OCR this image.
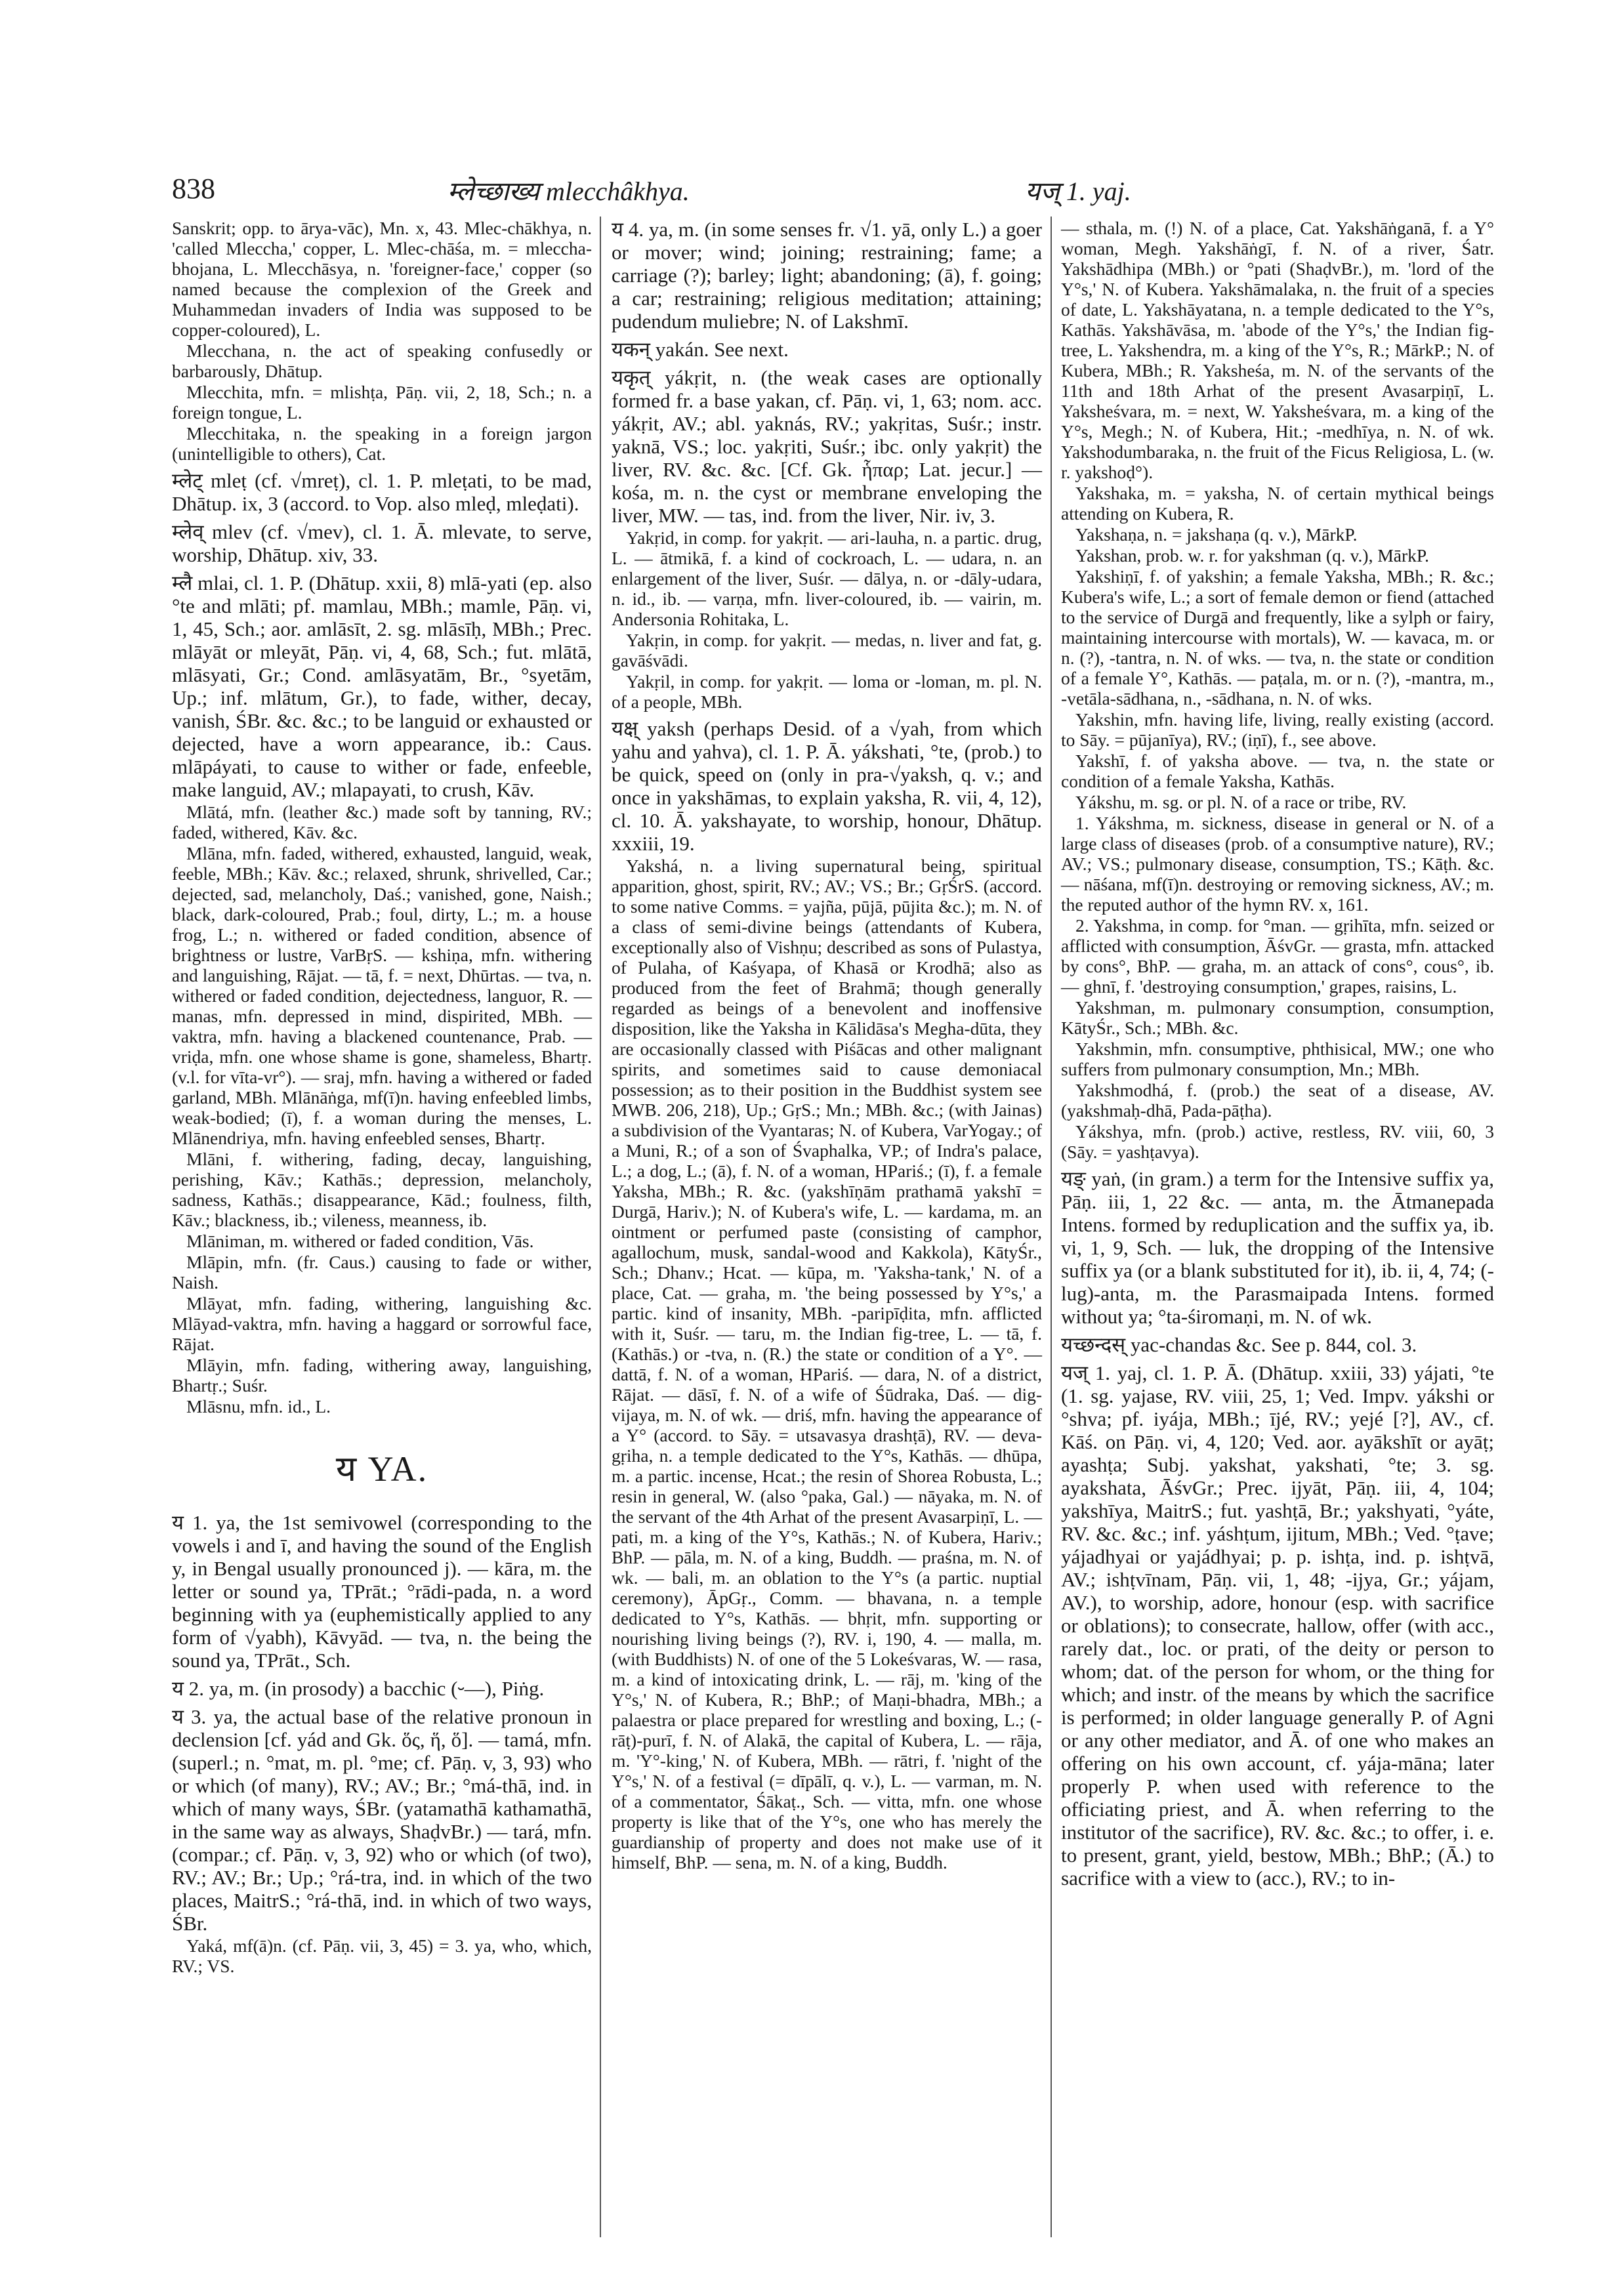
838	म्लेच्छाख्य mlecchâkhya.	यज् 1. yaj.

Sanskrit; opp. to ārya-vāc), Mn. x, 43. Mlec-chākhya, n. 'called Mleccha,' copper, L. Mlec-chāśa, m. = mleccha-bhojana, L. Mlecchāsya, n. 'foreigner-face,' copper (so named because the complexion of the Greek and Muhammedan invaders of India was supposed to be copper-coloured), L.

Mlecchana, n. the act of speaking confusedly or barbarously, Dhātup.

Mlecchita, mfn. = mlishṭa, Pāṇ. vii, 2, 18, Sch.; n. a foreign tongue, L.

Mlecchitaka, n. the speaking in a foreign jargon (unintelligible to others), Cat.

म्लेट् mleṭ (cf. √mreṭ), cl. 1. P. mleṭati, to be mad, Dhātup. ix, 3 (accord. to Vop. also mleḍ, mleḍati).

म्लेव् mlev (cf. √mev), cl. 1. Ā. mlevate, to serve, worship, Dhātup. xiv, 33.

म्लै mlai, cl. 1. P. (Dhātup. xxii, 8) mlā-yati (ep. also °te and mlāti; pf. mamlau, MBh.; mamle, Pāṇ. vi, 1, 45, Sch.; aor. amlāsīt, 2. sg. mlāsīḥ, MBh.; Prec. mlāyāt or mleyāt, Pāṇ. vi, 4, 68, Sch.; fut. mlātā, mlāsyati, Gr.; Cond. amlāsyatām, Br., °syetām, Up.; inf. mlātum, Gr.), to fade, wither, decay, vanish, ŚBr. &c. &c.; to be languid or exhausted or dejected, have a worn appearance, ib.: Caus. mlāpáyati, to cause to wither or fade, enfeeble, make languid, AV.; mlapayati, to crush, Kāv.

Mlātá, mfn. (leather &c.) made soft by tanning, RV.; faded, withered, Kāv. &c.

Mlāna, mfn. faded, withered, exhausted, languid, weak, feeble, MBh.; Kāv. &c.; relaxed, shrunk, shrivelled, Car.; dejected, sad, melancholy, Daś.; vanished, gone, Naish.; black, dark-coloured, Prab.; foul, dirty, L.; m. a house frog, L.; n. withered or faded condition, absence of brightness or lustre, VarBṛS. — kshiṇa, mfn. withering and languishing, Rājat. — tā, f. = next, Dhūrtas. — tva, n. withered or faded condition, dejectedness, languor, R. — manas, mfn. depressed in mind, dispirited, MBh. — vaktra, mfn. having a blackened countenance, Prab. — vriḍa, mfn. one whose shame is gone, shameless, Bhartṛ. (v.l. for vīta-vr°). — sraj, mfn. having a withered or faded garland, MBh. Mlānāṅga, mf(ī)n. having enfeebled limbs, weak-bodied; (ī), f. a woman during the menses, L. Mlānendriya, mfn. having enfeebled senses, Bhartṛ.

Mlāni, f. withering, fading, decay, languishing, perishing, Kāv.; Kathās.; depression, melancholy, sadness, Kathās.; disappearance, Kād.; foulness, filth, Kāv.; blackness, ib.; vileness, meanness, ib.

Mlāniman, m. withered or faded condition, Vās.

Mlāpin, mfn. (fr. Caus.) causing to fade or wither, Naish.

Mlāyat, mfn. fading, withering, languishing &c. Mlāyad-vaktra, mfn. having a haggard or sorrowful face, Rājat.

Mlāyin, mfn. fading, withering away, languishing, Bhartṛ.; Suśr.

Mlāsnu, mfn. id., L.

य YA.

य 1. ya, the 1st semivowel (corresponding to the vowels i and ī, and having the sound of the English y, in Bengal usually pronounced j). — kāra, m. the letter or sound ya, TPrāt.; °rādi-pada, n. a word beginning with ya (euphemistically applied to any form of √yabh), Kāvyād. — tva, n. the being the sound ya, TPrāt., Sch.

य 2. ya, m. (in prosody) a bacchic (⏑‒‒), Piṅg.

य 3. ya, the actual base of the relative pronoun in declension [cf. yád and Gk. ὅς, ἥ, ὅ]. — tamá, mfn. (superl.; n. °mat, m. pl. °me; cf. Pāṇ. v, 3, 93) who or which (of many), RV.; AV.; Br.; °má-thā, ind. in which of many ways, ŚBr. (yatamathā kathamathā, in the same way as always, ShaḍvBr.) — tará, mfn. (compar.; cf. Pāṇ. v, 3, 92) who or which (of two), RV.; AV.; Br.; Up.; °rá-tra, ind. in which of the two places, MaitrS.; °rá-thā, ind. in which of two ways, ŚBr.

Yaká, mf(ā)n. (cf. Pāṇ. vii, 3, 45) = 3. ya, who, which, RV.; VS.

य 4. ya, m. (in some senses fr. √1. yā, only L.) a goer or mover; wind; joining; restraining; fame; a carriage (?); barley; light; abandoning; (ā), f. going; a car; restraining; religious meditation; attaining; pudendum muliebre; N. of Lakshmī.

यकन् yakán. See next.

यकृत् yákṛit, n. (the weak cases are optionally formed fr. a base yakan, cf. Pāṇ. vi, 1, 63; nom. acc. yákṛit, AV.; abl. yaknás, RV.; yakṛitas, Suśr.; instr. yaknā, VS.; loc. yakṛiti, Suśr.; ibc. only yakṛit) the liver, RV. &c. &c. [Cf. Gk. ἧπαρ; Lat. jecur.] — kośa, m. n. the cyst or membrane enveloping the liver, MW. — tas, ind. from the liver, Nir. iv, 3.

Yakṛid, in comp. for yakṛit. — ari-lauha, n. a partic. drug, L. — ātmikā, f. a kind of cockroach, L. — udara, n. an enlargement of the liver, Suśr. — dālya, n. or -dāly-udara, n. id., ib. — varṇa, mfn. liver-coloured, ib. — vairin, m. Andersonia Rohitaka, L.

Yakṛin, in comp. for yakṛit. — medas, n. liver and fat, g. gavāśvādi.

Yakṛil, in comp. for yakṛit. — loma or -loman, m. pl. N. of a people, MBh.

यक्ष् yaksh (perhaps Desid. of a √yah, from which yahu and yahva), cl. 1. P. Ā. yákshati, °te, (prob.) to be quick, speed on (only in pra-√yaksh, q. v.; and once in yakshāmas, to explain yaksha, R. vii, 4, 12), cl. 10. Ā. yakshayate, to worship, honour, Dhātup. xxxiii, 19.

Yakshá, n. a living supernatural being, spiritual apparition, ghost, spirit, RV.; AV.; VS.; Br.; GṛŚrS. (accord. to some native Comms. = yajña, pūjā, pūjita &c.); m. N. of a class of semi-divine beings (attendants of Kubera, exceptionally also of Vishṇu; described as sons of Pulastya, of Pulaha, of Kaśyapa, of Khasā or Krodhā; also as produced from the feet of Brahmā; though generally regarded as beings of a benevolent and inoffensive disposition, like the Yaksha in Kālidāsa's Megha-dūta, they are occasionally classed with Piśācas and other malignant spirits, and sometimes said to cause demoniacal possession; as to their position in the Buddhist system see MWB. 206, 218), Up.; GṛS.; Mn.; MBh. &c.; (with Jainas) a subdivision of the Vyantaras; N. of Kubera, VarYogay.; of a Muni, R.; of a son of Śvaphalka, VP.; of Indra's palace, L.; a dog, L.; (ā), f. N. of a woman, HPariś.; (ī), f. a female Yaksha, MBh.; R. &c. (yakshīṇām prathamā yakshī = Durgā, Hariv.); N. of Kubera's wife, L. — kardama, m. an ointment or perfumed paste (consisting of camphor, agallochum, musk, sandal-wood and Kakkola), KātyŚr., Sch.; Dhanv.; Hcat. — kūpa, m. 'Yaksha-tank,' N. of a place, Cat. — graha, m. 'the being possessed by Y°s,' a partic. kind of insanity, MBh. -paripīḍita, mfn. afflicted with it, Suśr. — taru, m. the Indian fig-tree, L. — tā, f. (Kathās.) or -tva, n. (R.) the state or condition of a Y°. — dattā, f. N. of a woman, HPariś. — dara, N. of a district, Rājat. — dāsī, f. N. of a wife of Śūdraka, Daś. — dig-vijaya, m. N. of wk. — driś, mfn. having the appearance of a Y° (accord. to Sāy. = utsavasya drashṭā), RV. — deva-gṛiha, n. a temple dedicated to the Y°s, Kathās. — dhūpa, m. a partic. incense, Hcat.; the resin of Shorea Robusta, L.; resin in general, W. (also °paka, Gal.) — nāyaka, m. N. of the servant of the 4th Arhat of the present Avasarpiṇī, L. — pati, m. a king of the Y°s, Kathās.; N. of Kubera, Hariv.; BhP. — pāla, m. N. of a king, Buddh. — praśna, m. N. of wk. — bali, m. an oblation to the Y°s (a partic. nuptial ceremony), ĀpGṛ., Comm. — bhavana, n. a temple dedicated to Y°s, Kathās. — bhṛit, mfn. supporting or nourishing living beings (?), RV. i, 190, 4. — malla, m. (with Buddhists) N. of one of the 5 Lokeśvaras, W. — rasa, m. a kind of intoxicating drink, L. — rāj, m. 'king of the Y°s,' N. of Kubera, R.; BhP.; of Maṇi-bhadra, MBh.; a palaestra or place prepared for wrestling and boxing, L.; (-rāṭ)-purī, f. N. of Alakā, the capital of Kubera, L. — rāja, m. 'Y°-king,' N. of Kubera, MBh. — rātri, f. 'night of the Y°s,' N. of a festival (= dīpālī, q. v.), L. — varman, m. N. of a commentator, Śākaṭ., Sch. — vitta, mfn. one whose property is like that of the Y°s, one who has merely the guardianship of property and does not make use of it himself, BhP. — sena, m. N. of a king, Buddh.

— sthala, m. (!) N. of a place, Cat. Yakshāṅganā, f. a Y° woman, Megh. Yakshāṅgī, f. N. of a river, Śatr. Yakshādhipa (MBh.) or °pati (ShaḍvBr.), m. 'lord of the Y°s,' N. of Kubera. Yakshāmalaka, n. the fruit of a species of date, L. Yakshāyatana, n. a temple dedicated to the Y°s, Kathās. Yakshāvāsa, m. 'abode of the Y°s,' the Indian fig-tree, L. Yakshendra, m. a king of the Y°s, R.; MārkP.; N. of Kubera, MBh.; R. Yaksheśa, m. N. of the servants of the 11th and 18th Arhat of the present Avasarpiṇī, L. Yaksheśvara, m. = next, W. Yaksheśvara, m. a king of the Y°s, Megh.; N. of Kubera, Hit.; -medhīya, n. N. of wk. Yakshodumbaraka, n. the fruit of the Ficus Religiosa, L. (w. r. yakshoḍ°).

Yakshaka, m. = yaksha, N. of certain mythical beings attending on Kubera, R.

Yakshaṇa, n. = jakshaṇa (q. v.), MārkP.

Yakshan, prob. w. r. for yakshman (q. v.), MārkP.

Yakshiṇī, f. of yakshin; a female Yaksha, MBh.; R. &c.; Kubera's wife, L.; a sort of female demon or fiend (attached to the service of Durgā and frequently, like a sylph or fairy, maintaining intercourse with mortals), W. — kavaca, m. or n. (?), -tantra, n. N. of wks. — tva, n. the state or condition of a female Y°, Kathās. — paṭala, m. or n. (?), -mantra, m., -vetāla-sādhana, n., -sādhana, n. N. of wks.

Yakshin, mfn. having life, living, really existing (accord. to Sāy. = pūjanīya), RV.; (iṇī), f., see above.

Yakshī, f. of yaksha above. — tva, n. the state or condition of a female Yaksha, Kathās.

Yákshu, m. sg. or pl. N. of a race or tribe, RV.

1. Yákshma, m. sickness, disease in general or N. of a large class of diseases (prob. of a consumptive nature), RV.; AV.; VS.; pulmonary disease, consumption, TS.; Kāṭh. &c. — nāśana, mf(ī)n. destroying or removing sickness, AV.; m. the reputed author of the hymn RV. x, 161.

2. Yakshma, in comp. for °man. — gṛihīta, mfn. seized or afflicted with consumption, ĀśvGr. — grasta, mfn. attacked by cons°, BhP. — graha, m. an attack of cons°, cous°, ib. — ghnī, f. 'destroying consumption,' grapes, raisins, L.

Yakshman, m. pulmonary consumption, consumption, KātyŚr., Sch.; MBh. &c.

Yakshmin, mfn. consumptive, phthisical, MW.; one who suffers from pulmonary consumption, Mn.; MBh.

Yakshmodhá, f. (prob.) the seat of a disease, AV. (yakshmaḥ-dhā, Pada-pāṭha).

Yákshya, mfn. (prob.) active, restless, RV. viii, 60, 3 (Sāy. = yashṭavya).

यङ् yaṅ, (in gram.) a term for the Intensive suffix ya, Pāṇ. iii, 1, 22 &c. — anta, m. the Ātmanepada Intens. formed by reduplication and the suffix ya, ib. vi, 1, 9, Sch. — luk, the dropping of the Intensive suffix ya (or a blank substituted for it), ib. ii, 4, 74; (-lug)-anta, m. the Parasmaipada Intens. formed without ya; °ta-śiromaṇi, m. N. of wk.

यच्छन्दस् yac-chandas &c. See p. 844, col. 3.

यज् 1. yaj, cl. 1. P. Ā. (Dhātup. xxiii, 33) yájati, °te (1. sg. yajase, RV. viii, 25, 1; Ved. Impv. yákshi or °shva; pf. iyája, MBh.; ījé, RV.; yejé [?], AV., cf. Kāś. on Pāṇ. vi, 4, 120; Ved. aor. ayākshīt or ayāṭ; ayashṭa; Subj. yakshat, yakshati, °te; 3. sg. ayakshata, ĀśvGr.; Prec. ijyāt, Pāṇ. iii, 4, 104; yakshīya, MaitrS.; fut. yashṭā, Br.; yakshyati, °yáte, RV. &c. &c.; inf. yáshṭum, ijitum, MBh.; Ved. °ṭave; yájadhyai or yajádhyai; p. p. ishṭa, ind. p. ishṭvā, AV.; ishṭvīnam, Pāṇ. vii, 1, 48; -ijya, Gr.; yájam, AV.), to worship, adore, honour (esp. with sacrifice or oblations); to consecrate, hallow, offer (with acc., rarely dat., loc. or prati, of the deity or person to whom; dat. of the person for whom, or the thing for which; and instr. of the means by which the sacrifice is performed; in older language generally P. of Agni or any other mediator, and Ā. of one who makes an offering on his own account, cf. yája-māna; later properly P. when used with reference to the officiating priest, and Ā. when referring to the institutor of the sacrifice), RV. &c. &c.; to offer, i. e. to present, grant, yield, bestow, MBh.; BhP.; (Ā.) to sacrifice with a view to (acc.), RV.; to in-
